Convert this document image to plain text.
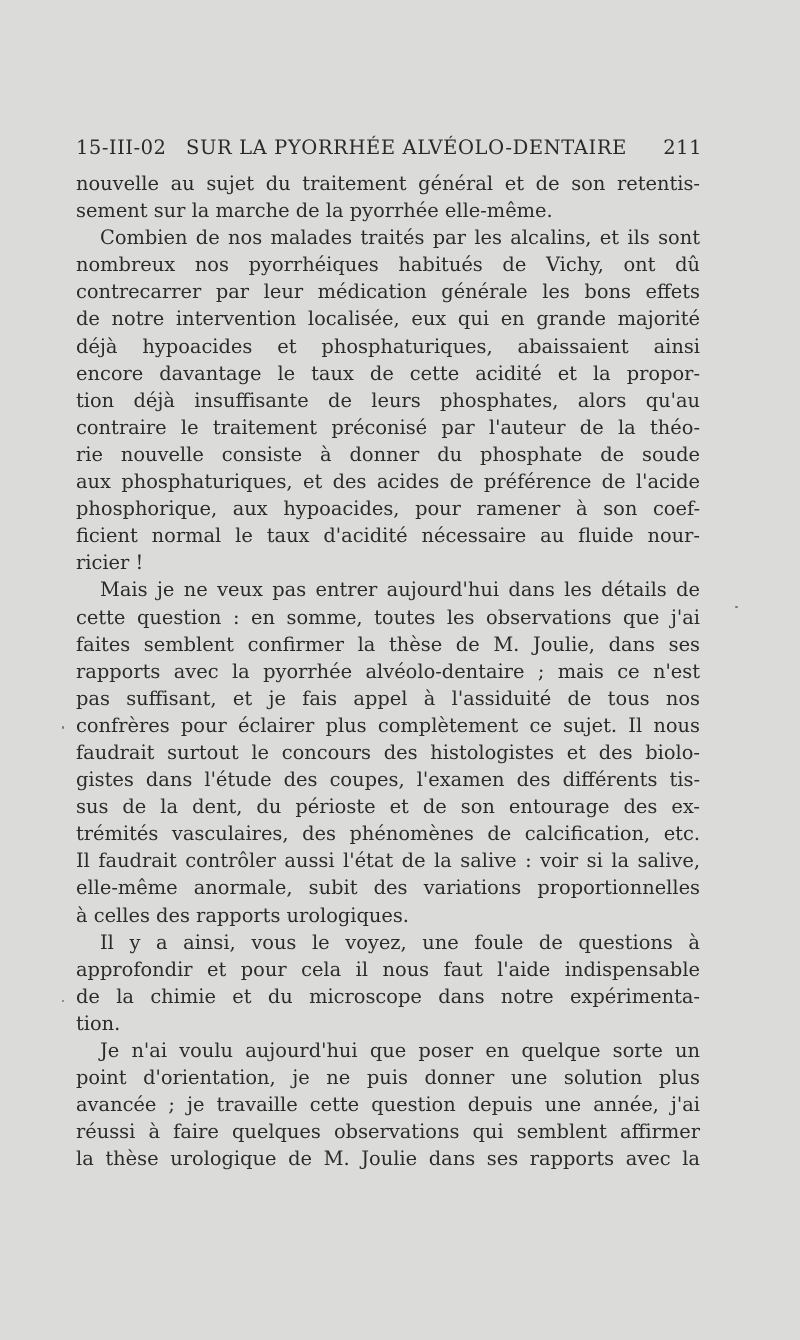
15-III-02 SUR LA PYORRHÉE ALVÉOLO-DENTAIRE 211
nouvelle au sujet du traitement général et de son retentis-
sement sur la marche de la pyorrhée elle-même.
Combien de nos malades traités par les alcalins, et ils sont
nombreux nos pyorrhéiques habitués de Vichy, ont dû
contrecarrer par leur médication générale les bons effets
de notre intervention localisée, eux qui en grande majorité
déjà hypoacides et phosphaturiques, abaissaient ainsi
encore davantage le taux de cette acidité et la propor-
tion déjà insuffisante de leurs phosphates, alors qu'au
contraire le traitement préconisé par l'auteur de la théo-
rie nouvelle consiste à donner du phosphate de soude
aux phosphaturiques, et des acides de préférence de l'acide
phosphorique, aux hypoacides, pour ramener à son coef-
ficient normal le taux d'acidité nécessaire au fluide nour-
ricier !
Mais je ne veux pas entrer aujourd'hui dans les détails de
cette question : en somme, toutes les observations que j'ai
faites semblent confirmer la thèse de M. Joulie, dans ses
rapports avec la pyorrhée alvéolo-dentaire ; mais ce n'est
pas suffisant, et je fais appel à l'assiduité de tous nos
confrères pour éclairer plus complètement ce sujet. Il nous
faudrait surtout le concours des histologistes et des biolo-
gistes dans l'étude des coupes, l'examen des différents tis-
sus de la dent, du périoste et de son entourage des ex-
trémités vasculaires, des phénomènes de calcification, etc.
Il faudrait contrôler aussi l'état de la salive : voir si la salive,
elle-même anormale, subit des variations proportionnelles
à celles des rapports urologiques.
Il y a ainsi, vous le voyez, une foule de questions à
approfondir et pour cela il nous faut l'aide indispensable
de la chimie et du microscope dans notre expérimenta-
tion.
Je n'ai voulu aujourd'hui que poser en quelque sorte un
point d'orientation, je ne puis donner une solution plus
avancée ; je travaille cette question depuis une année, j'ai
réussi à faire quelques observations qui semblent affirmer
la thèse urologique de M. Joulie dans ses rapports avec la
